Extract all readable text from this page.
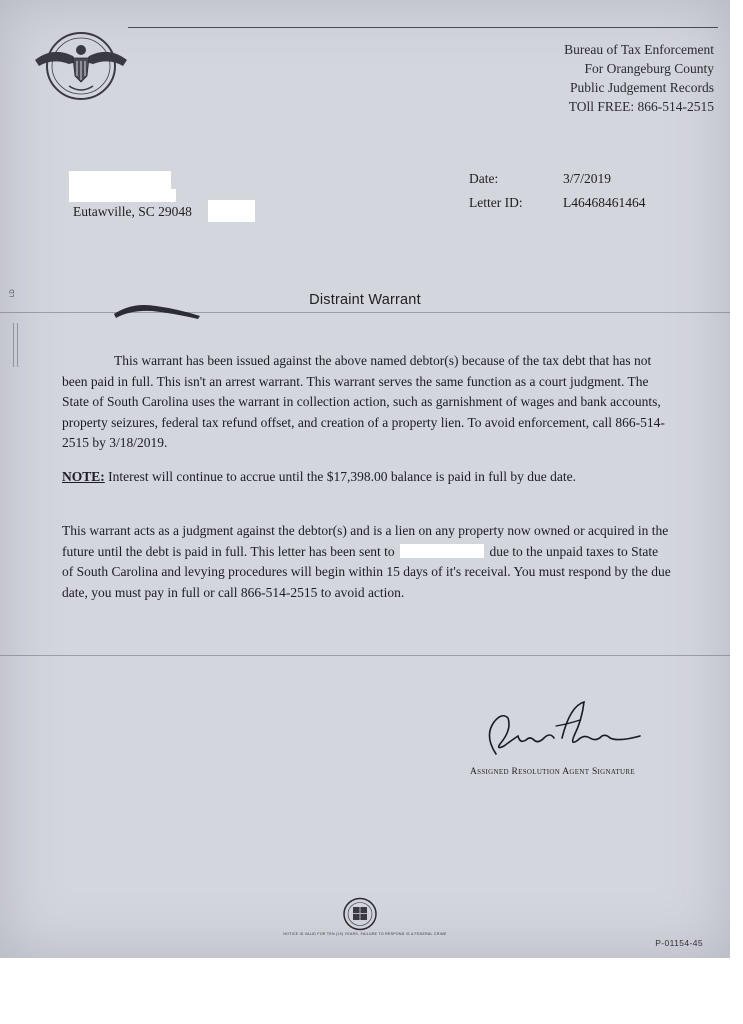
Bureau of Tax Enforcement
For Orangeburg County
Public Judgement Records
TOll FREE: 866-514-2515
Date:	3/7/2019
Letter ID:	L46468461464
Eutawville, SC 29048
Distraint Warrant
This warrant has been issued against the above named debtor(s) because of the tax debt that has not been paid in full. This isn't an arrest warrant. This warrant serves the same function as a court judgment. The State of South Carolina uses the warrant in collection action, such as garnishment of wages and bank accounts, property seizures, federal tax refund offset, and creation of a property lien. To avoid enforcement, call 866-514-2515 by 3/18/2019.
NOTE: Interest will continue to accrue until the $17,398.00 balance is paid in full by due date.
This warrant acts as a judgment against the debtor(s) and is a lien on any property now owned or acquired in the future until the debt is paid in full. This letter has been sent to	due to the unpaid taxes to State of South Carolina and levying procedures will begin within 15 days of it's receival. You must respond by the due date, you must pay in full or call 866-514-2515 to avoid action.
Assigned Resolution Agent Signature
NOTICE IS VALID FOR TEN (10) YEARS. FAILURE TO RESPOND IS A FEDERAL CRIME
P-01154-45
LD
